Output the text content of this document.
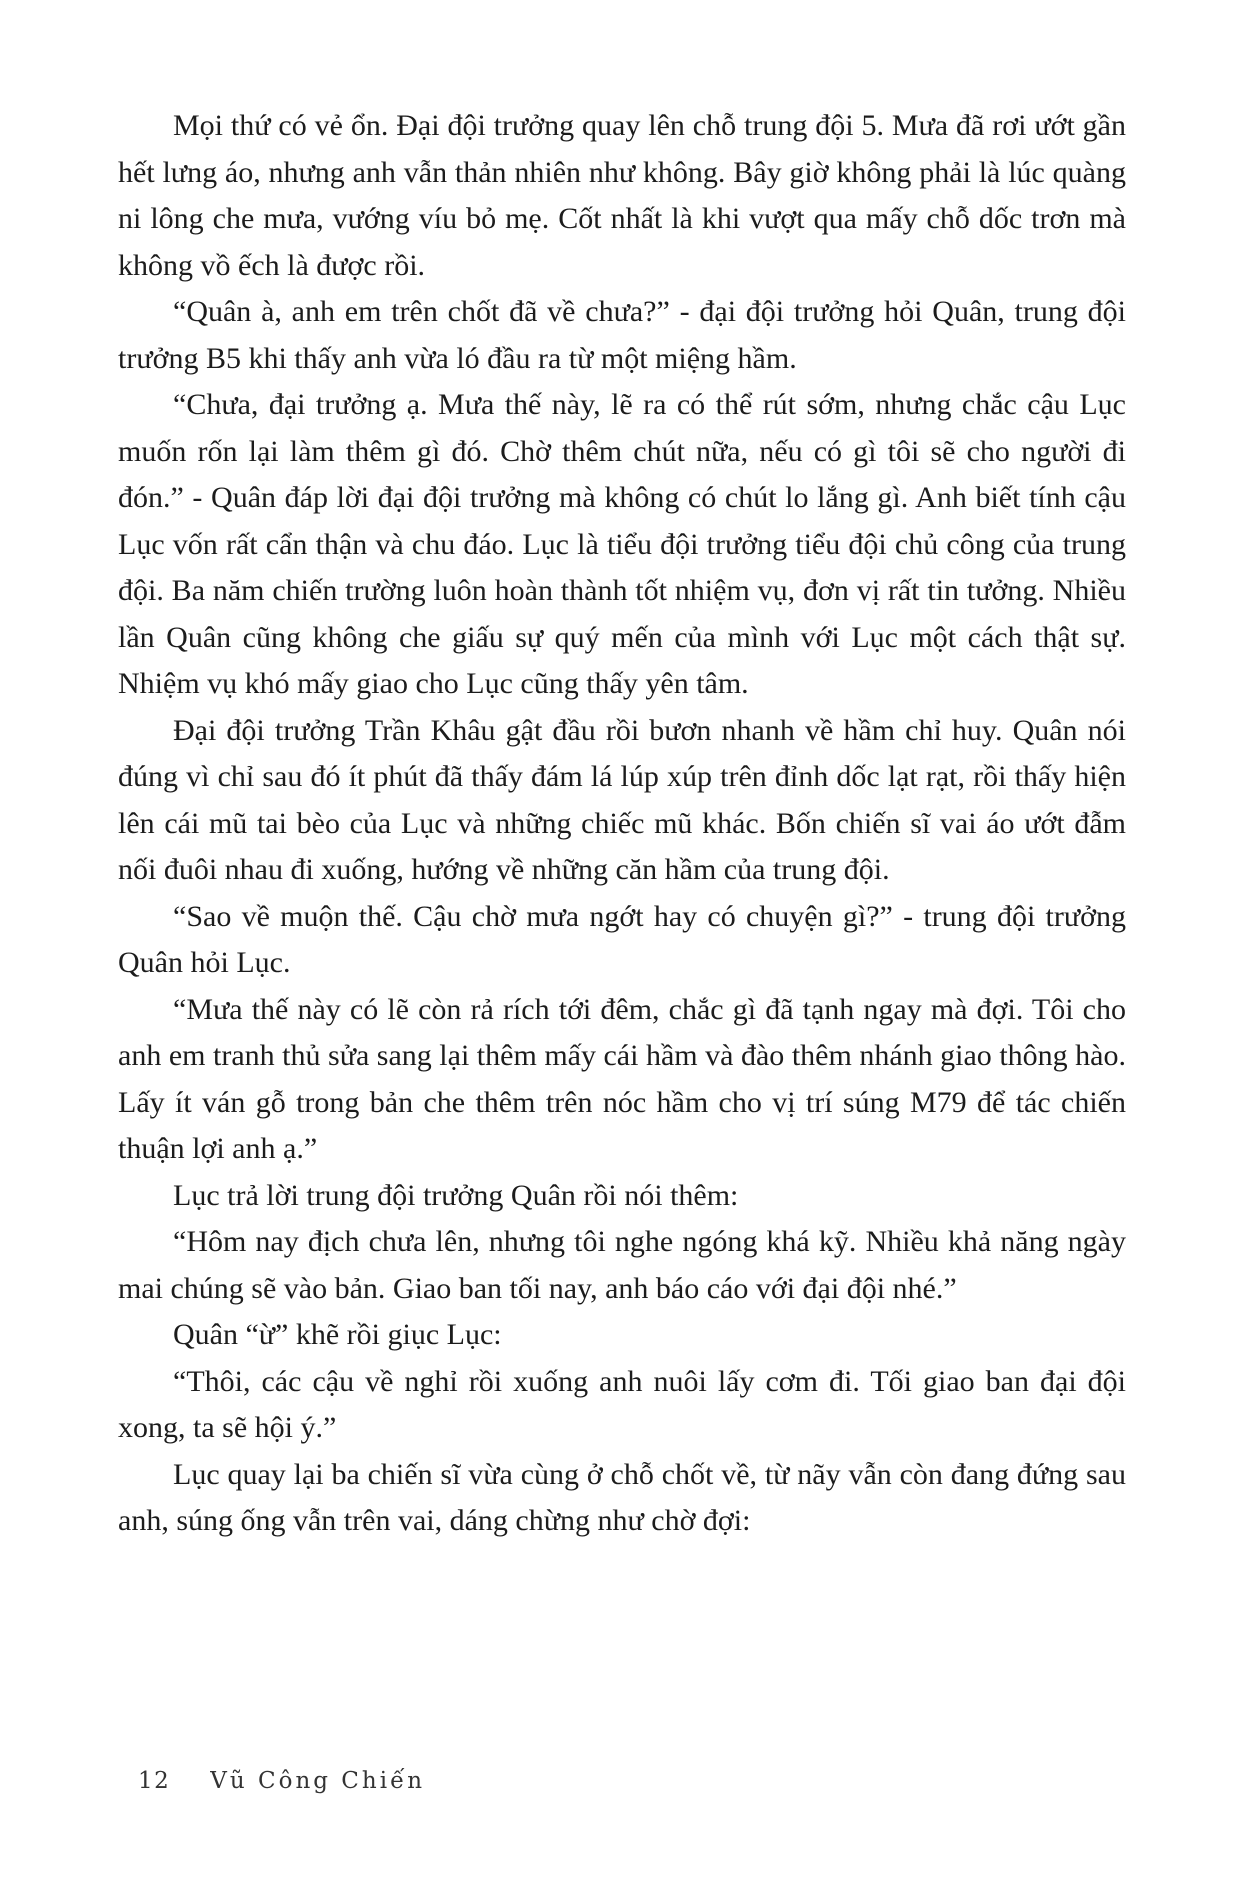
Mọi thứ có vẻ ổn. Đại đội trưởng quay lên chỗ trung đội 5. Mưa đã rơi ướt gần hết lưng áo, nhưng anh vẫn thản nhiên như không. Bây giờ không phải là lúc quàng ni lông che mưa, vướng víu bỏ mẹ. Cốt nhất là khi vượt qua mấy chỗ dốc trơn mà không vồ ếch là được rồi.

“Quân à, anh em trên chốt đã về chưa?” - đại đội trưởng hỏi Quân, trung đội trưởng B5 khi thấy anh vừa ló đầu ra từ một miệng hầm.

“Chưa, đại trưởng ạ. Mưa thế này, lẽ ra có thể rút sớm, nhưng chắc cậu Lục muốn rốn lại làm thêm gì đó. Chờ thêm chút nữa, nếu có gì tôi sẽ cho người đi đón.” - Quân đáp lời đại đội trưởng mà không có chút lo lắng gì. Anh biết tính cậu Lục vốn rất cẩn thận và chu đáo. Lục là tiểu đội trưởng tiểu đội chủ công của trung đội. Ba năm chiến trường luôn hoàn thành tốt nhiệm vụ, đơn vị rất tin tưởng. Nhiều lần Quân cũng không che giấu sự quý mến của mình với Lục một cách thật sự. Nhiệm vụ khó mấy giao cho Lục cũng thấy yên tâm.

Đại đội trưởng Trần Khâu gật đầu rồi bươn nhanh về hầm chỉ huy. Quân nói đúng vì chỉ sau đó ít phút đã thấy đám lá lúp xúp trên đỉnh dốc lạt rạt, rồi thấy hiện lên cái mũ tai bèo của Lục và những chiếc mũ khác. Bốn chiến sĩ vai áo ướt đẫm nối đuôi nhau đi xuống, hướng về những căn hầm của trung đội.

“Sao về muộn thế. Cậu chờ mưa ngớt hay có chuyện gì?” - trung đội trưởng Quân hỏi Lục.

“Mưa thế này có lẽ còn rả rích tới đêm, chắc gì đã tạnh ngay mà đợi. Tôi cho anh em tranh thủ sửa sang lại thêm mấy cái hầm và đào thêm nhánh giao thông hào. Lấy ít ván gỗ trong bản che thêm trên nóc hầm cho vị trí súng M79 để tác chiến thuận lợi anh ạ.”

Lục trả lời trung đội trưởng Quân rồi nói thêm:

“Hôm nay địch chưa lên, nhưng tôi nghe ngóng khá kỹ. Nhiều khả năng ngày mai chúng sẽ vào bản. Giao ban tối nay, anh báo cáo với đại đội nhé.”

Quân “ừ” khẽ rồi giục Lục:

“Thôi, các cậu về nghỉ rồi xuống anh nuôi lấy cơm đi. Tối giao ban đại đội xong, ta sẽ hội ý.”

Lục quay lại ba chiến sĩ vừa cùng ở chỗ chốt về, từ nãy vẫn còn đang đứng sau anh, súng ống vẫn trên vai, dáng chừng như chờ đợi:

12 Vũ Công Chiến
